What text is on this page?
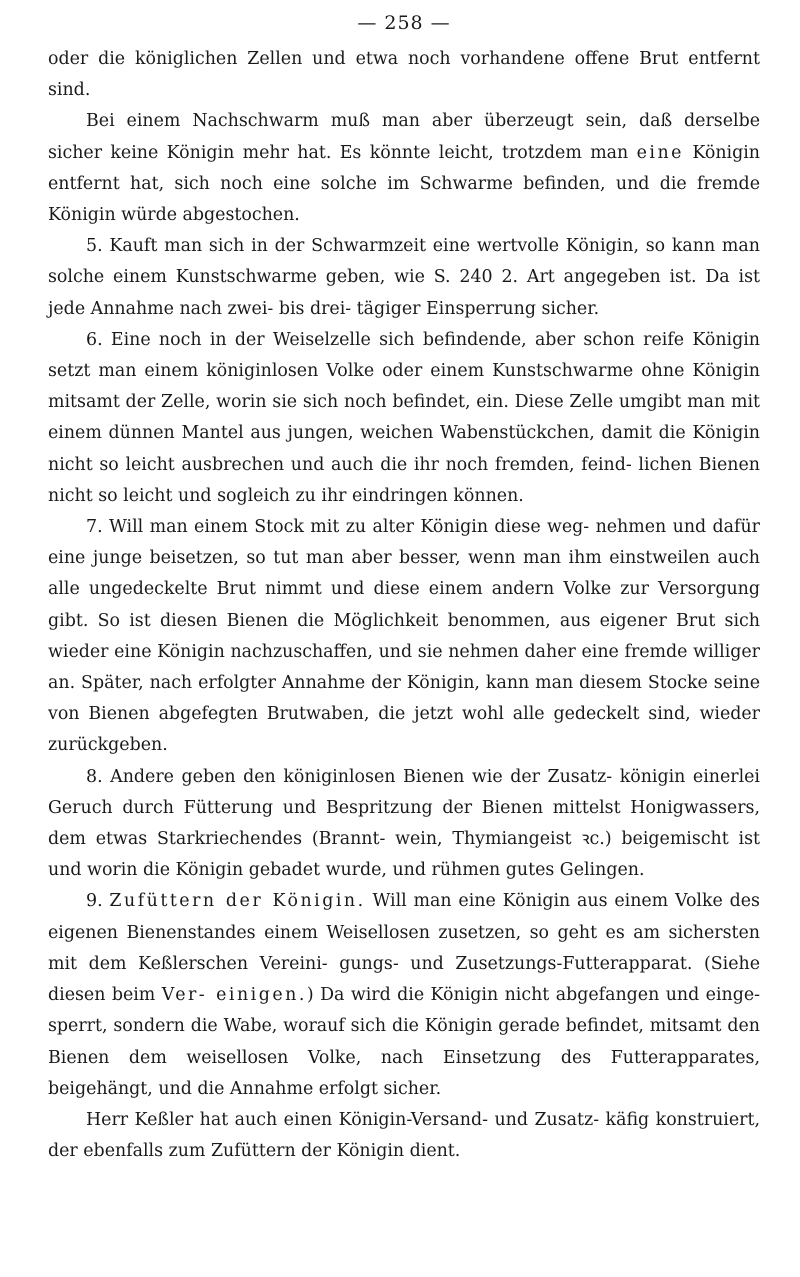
— 258 —

oder die königlichen Zellen und etwa noch vorhandene offene Brut entfernt sind.

Bei einem Nachschwarm muß man aber überzeugt sein, daß derselbe sicher keine Königin mehr hat. Es könnte leicht, trotzdem man eine Königin entfernt hat, sich noch eine solche im Schwarme befinden, und die fremde Königin würde abgestochen.

5. Kauft man sich in der Schwarmzeit eine wertvolle Königin, so kann man solche einem Kunstschwarme geben, wie S. 240 2. Art angegeben ist. Da ist jede Annahme nach zwei- bis drei- tägiger Einsperrung sicher.

6. Eine noch in der Weiselzelle sich befindende, aber schon reife Königin setzt man einem königinlosen Volke oder einem Kunstschwarme ohne Königin mitsamt der Zelle, worin sie sich noch befindet, ein. Diese Zelle umgibt man mit einem dünnen Mantel aus jungen, weichen Wabenstückchen, damit die Königin nicht so leicht ausbrechen und auch die ihr noch fremden, feind- lichen Bienen nicht so leicht und sogleich zu ihr eindringen können.

7. Will man einem Stock mit zu alter Königin diese weg- nehmen und dafür eine junge beisetzen, so tut man aber besser, wenn man ihm einstweilen auch alle ungedeckelte Brut nimmt und diese einem andern Volke zur Versorgung gibt. So ist diesen Bienen die Möglichkeit benommen, aus eigener Brut sich wieder eine Königin nachzuschaffen, und sie nehmen daher eine fremde williger an. Später, nach erfolgter Annahme der Königin, kann man diesem Stocke seine von Bienen abgefegten Brutwaben, die jetzt wohl alle gedeckelt sind, wieder zurückgeben.

8. Andere geben den königinlosen Bienen wie der Zusatz- königin einerlei Geruch durch Fütterung und Bespritzung der Bienen mittelst Honigwassers, dem etwas Starkriechendes (Brannt- wein, Thymiangeist ꝛc.) beigemischt ist und worin die Königin gebadet wurde, und rühmen gutes Gelingen.

9. Zufüttern der Königin. Will man eine Königin aus einem Volke des eigenen Bienenstandes einem Weisellosen zusetzen, so geht es am sichersten mit dem Keßlerschen Vereini- gungs- und Zusetzungs-Futterapparat. (Siehe diesen beim Ver- einigen.) Da wird die Königin nicht abgefangen und einge- sperrt, sondern die Wabe, worauf sich die Königin gerade befindet, mitsamt den Bienen dem weisellosen Volke, nach Einsetzung des Futterapparates, beigehängt, und die Annahme erfolgt sicher.

Herr Keßler hat auch einen Königin-Versand- und Zusatz- käfig konstruiert, der ebenfalls zum Zufüttern der Königin dient.
